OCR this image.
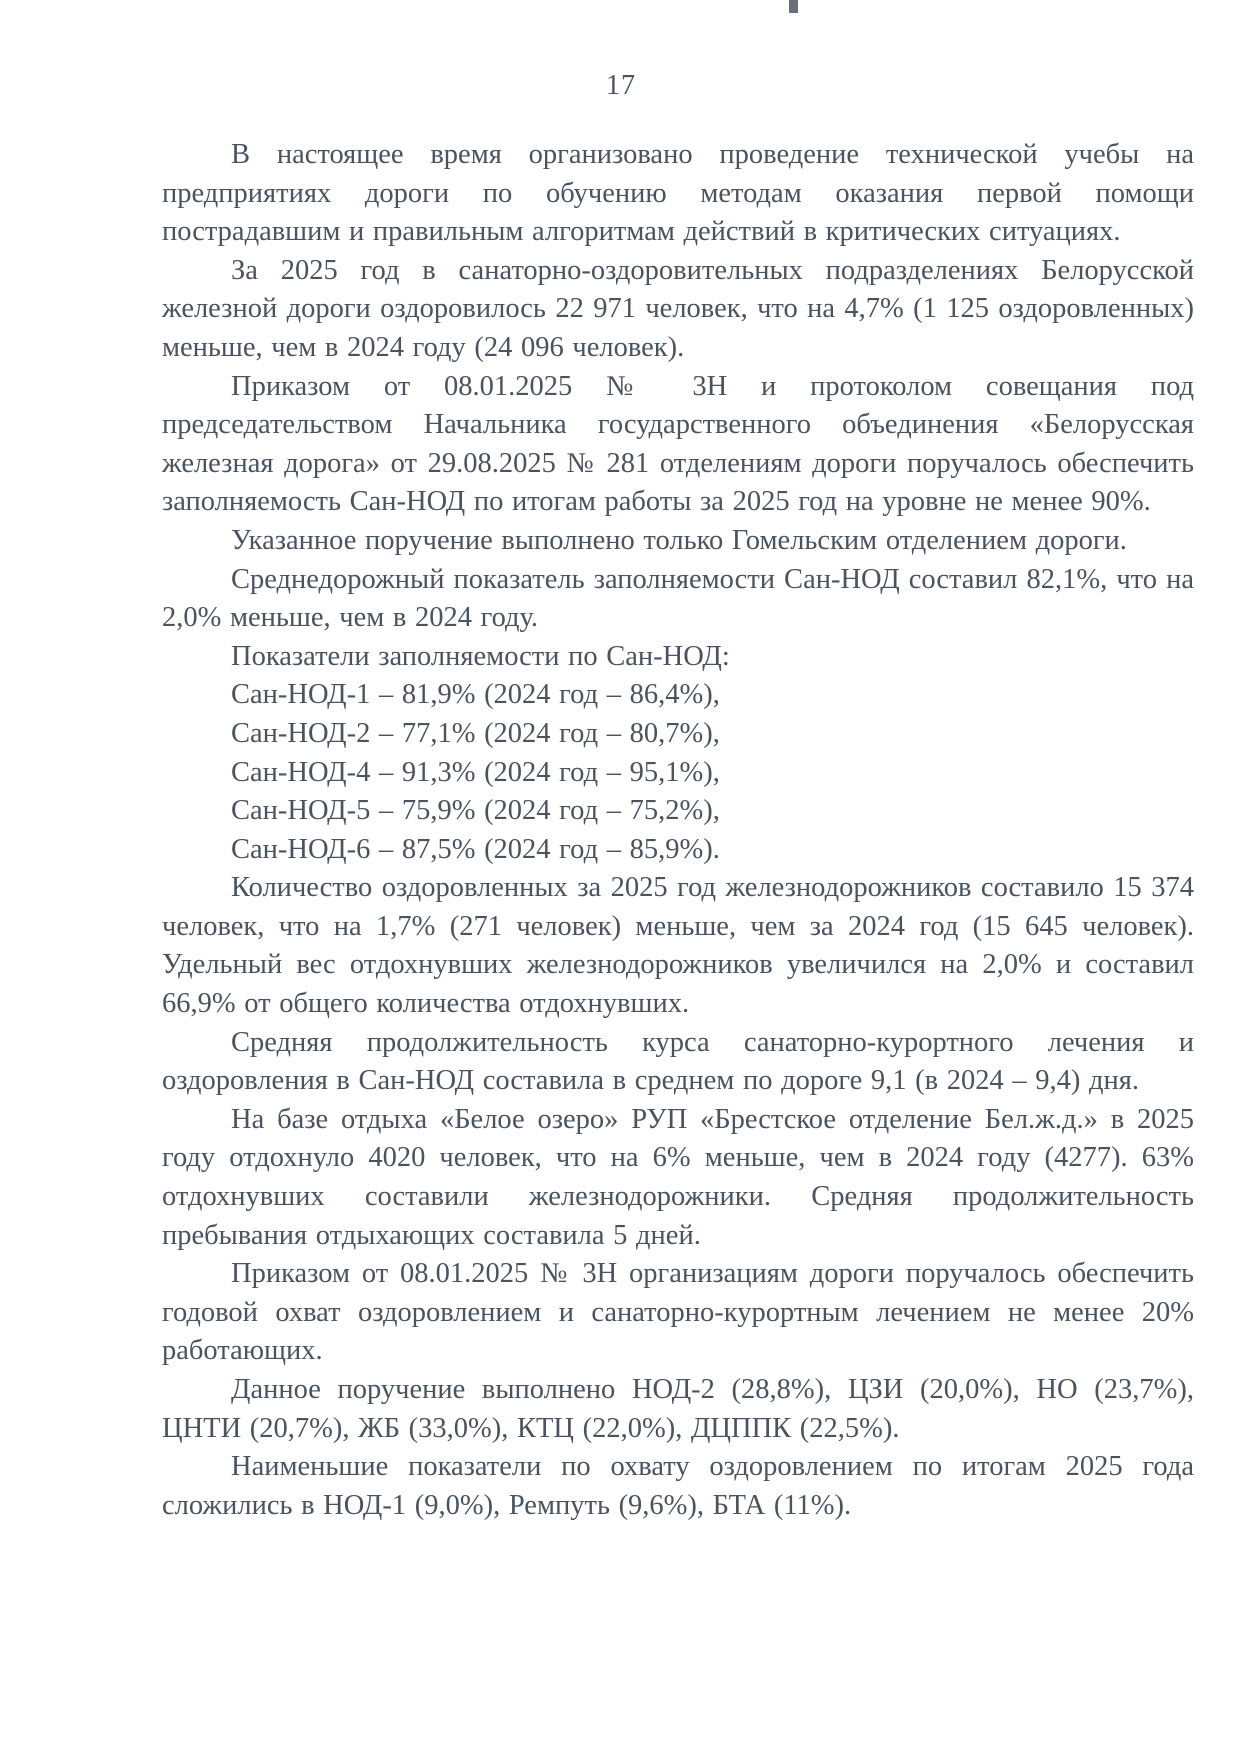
17

В настоящее время организовано проведение технической учебы на предприятиях дороги по обучению методам оказания первой помощи пострадавшим и правильным алгоритмам действий в критических ситуациях.

За 2025 год в санаторно-оздоровительных подразделениях Белорусской железной дороги оздоровилось 22 971 человек, что на 4,7% (1 125 оздоровленных) меньше, чем в 2024 году (24 096 человек).

Приказом от 08.01.2025 № 3Н и протоколом совещания под председательством Начальника государственного объединения «Белорусская железная дорога» от 29.08.2025 № 281 отделениям дороги поручалось обеспечить заполняемость Сан-НОД по итогам работы за 2025 год на уровне не менее 90%.

Указанное поручение выполнено только Гомельским отделением дороги.

Среднедорожный показатель заполняемости Сан-НОД составил 82,1%, что на 2,0% меньше, чем в 2024 году.

Показатели заполняемости по Сан-НОД:

Сан-НОД-1 – 81,9% (2024 год – 86,4%),

Сан-НОД-2 – 77,1% (2024 год – 80,7%),

Сан-НОД-4 – 91,3% (2024 год – 95,1%),

Сан-НОД-5 – 75,9% (2024 год – 75,2%),

Сан-НОД-6 – 87,5% (2024 год – 85,9%).

Количество оздоровленных за 2025 год железнодорожников составило 15 374 человек, что на 1,7% (271 человек) меньше, чем за 2024 год (15 645 человек). Удельный вес отдохнувших железнодорожников увеличился на 2,0% и составил 66,9% от общего количества отдохнувших.

Средняя продолжительность курса санаторно-курортного лечения и оздоровления в Сан-НОД составила в среднем по дороге 9,1 (в 2024 – 9,4) дня.

На базе отдыха «Белое озеро» РУП «Брестское отделение Бел.ж.д.» в 2025 году отдохнуло 4020 человек, что на 6% меньше, чем в 2024 году (4277). 63% отдохнувших составили железнодорожники. Средняя продолжительность пребывания отдыхающих составила 5 дней.

Приказом от 08.01.2025 № 3Н организациям дороги поручалось обеспечить годовой охват оздоровлением и санаторно-курортным лечением не менее 20% работающих.

Данное поручение выполнено НОД-2 (28,8%), ЦЗИ (20,0%), НО (23,7%), ЦНТИ (20,7%), ЖБ (33,0%), КТЦ (22,0%), ДЦППК (22,5%).

Наименьшие показатели по охвату оздоровлением по итогам 2025 года сложились в НОД-1 (9,0%), Ремпуть (9,6%), БТА (11%).
